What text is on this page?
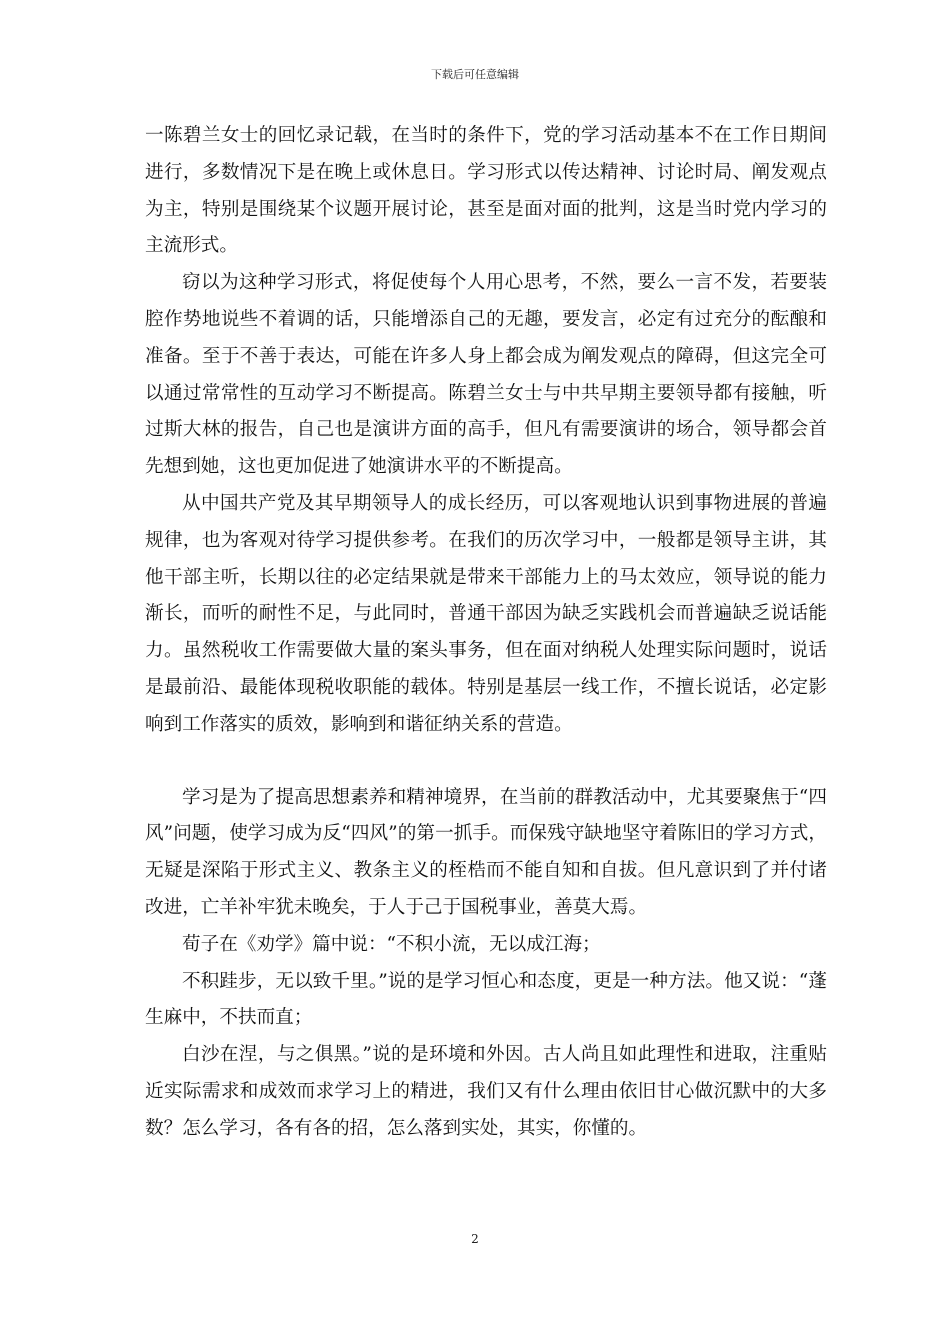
下载后可任意编辑

一陈碧兰女士的回忆录记载，在当时的条件下，党的学习活动基本不在工作日期间进行，多数情况下是在晚上或休息日。学习形式以传达精神、讨论时局、阐发观点为主，特别是围绕某个议题开展讨论，甚至是面对面的批判，这是当时党内学习的主流形式。

窃以为这种学习形式，将促使每个人用心思考，不然，要么一言不发，若要装腔作势地说些不着调的话，只能增添自己的无趣，要发言，必定有过充分的酝酿和准备。至于不善于表达，可能在许多人身上都会成为阐发观点的障碍，但这完全可以通过常常性的互动学习不断提高。陈碧兰女士与中共早期主要领导都有接触，听过斯大林的报告，自己也是演讲方面的高手，但凡有需要演讲的场合，领导都会首先想到她，这也更加促进了她演讲水平的不断提高。

从中国共产党及其早期领导人的成长经历，可以客观地认识到事物进展的普遍规律，也为客观对待学习提供参考。在我们的历次学习中，一般都是领导主讲，其他干部主听，长期以往的必定结果就是带来干部能力上的马太效应，领导说的能力渐长，而听的耐性不足，与此同时，普通干部因为缺乏实践机会而普遍缺乏说话能力。虽然税收工作需要做大量的案头事务，但在面对纳税人处理实际问题时，说话是最前沿、最能体现税收职能的载体。特别是基层一线工作，不擅长说话，必定影响到工作落实的质效，影响到和谐征纳关系的营造。

学习是为了提高思想素养和精神境界，在当前的群教活动中，尤其要聚焦于“四风”问题，使学习成为反“四风”的第一抓手。而保残守缺地坚守着陈旧的学习方式，无疑是深陷于形式主义、教条主义的桎梏而不能自知和自拔。但凡意识到了并付诸改进，亡羊补牢犹未晚矣，于人于己于国税事业，善莫大焉。

荀子在《劝学》篇中说：“不积小流，无以成江海；

不积跬步，无以致千里。”说的是学习恒心和态度，更是一种方法。他又说：“蓬生麻中，不扶而直；

白沙在涅，与之俱黑。”说的是环境和外因。古人尚且如此理性和进取，注重贴近实际需求和成效而求学习上的精进，我们又有什么理由依旧甘心做沉默中的大多数？怎么学习，各有各的招，怎么落到实处，其实，你懂的。

2
